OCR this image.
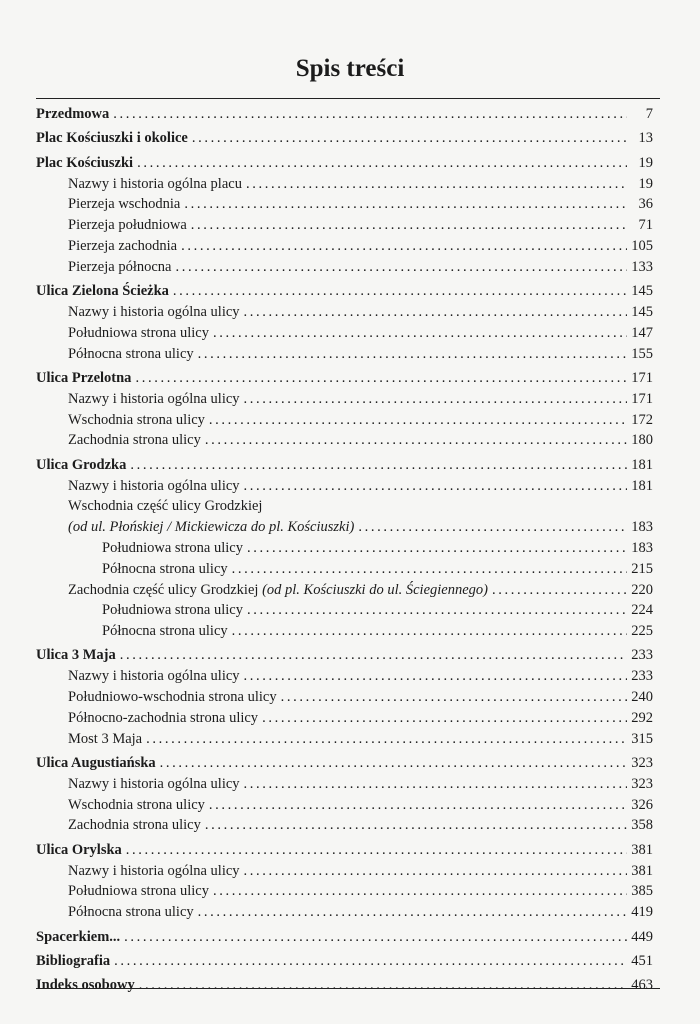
Spis treści
Przedmowa . . .	7
Plac Kościuszki i okolice . . .	13
Plac Kościuszki . . .	19
Nazwy i historia ogólna placu . . .	19
Pierzeja wschodnia . . .	36
Pierzeja południowa . . .	71
Pierzeja zachodnia . . .	105
Pierzeja północna . . .	133
Ulica Zielona Ścieżka . . .	145
Nazwy i historia ogólna ulicy . . .	145
Południowa strona ulicy . . .	147
Północna strona ulicy . . .	155
Ulica Przelotna . . .	171
Nazwy i historia ogólna ulicy . . .	171
Wschodnia strona ulicy . . .	172
Zachodnia strona ulicy . . .	180
Ulica Grodzka . . .	181
Nazwy i historia ogólna ulicy . . .	181
Wschodnia część ulicy Grodzkiej
(od ul. Płońskiej / Mickiewicza do pl. Kościuszki) . . .	183
Południowa strona ulicy . . .	183
Północna strona ulicy . . .	215
Zachodnia część ulicy Grodzkiej (od pl. Kościuszki do ul. Ściegiennego) . . .	220
Południowa strona ulicy . . .	224
Północna strona ulicy . . .	225
Ulica 3 Maja . . .	233
Nazwy i historia ogólna ulicy . . .	233
Południowo-wschodnia strona ulicy . . .	240
Północno-zachodnia strona ulicy . . .	292
Most 3 Maja . . .	315
Ulica Augustiańska . . .	323
Nazwy i historia ogólna ulicy . . .	323
Wschodnia strona ulicy . . .	326
Zachodnia strona ulicy . . .	358
Ulica Orylska . . .	381
Nazwy i historia ogólna ulicy . . .	381
Południowa strona ulicy . . .	385
Północna strona ulicy . . .	419
Spacerkiem... . . .	449
Bibliografia . . .	451
Indeks osobowy . . .	463
